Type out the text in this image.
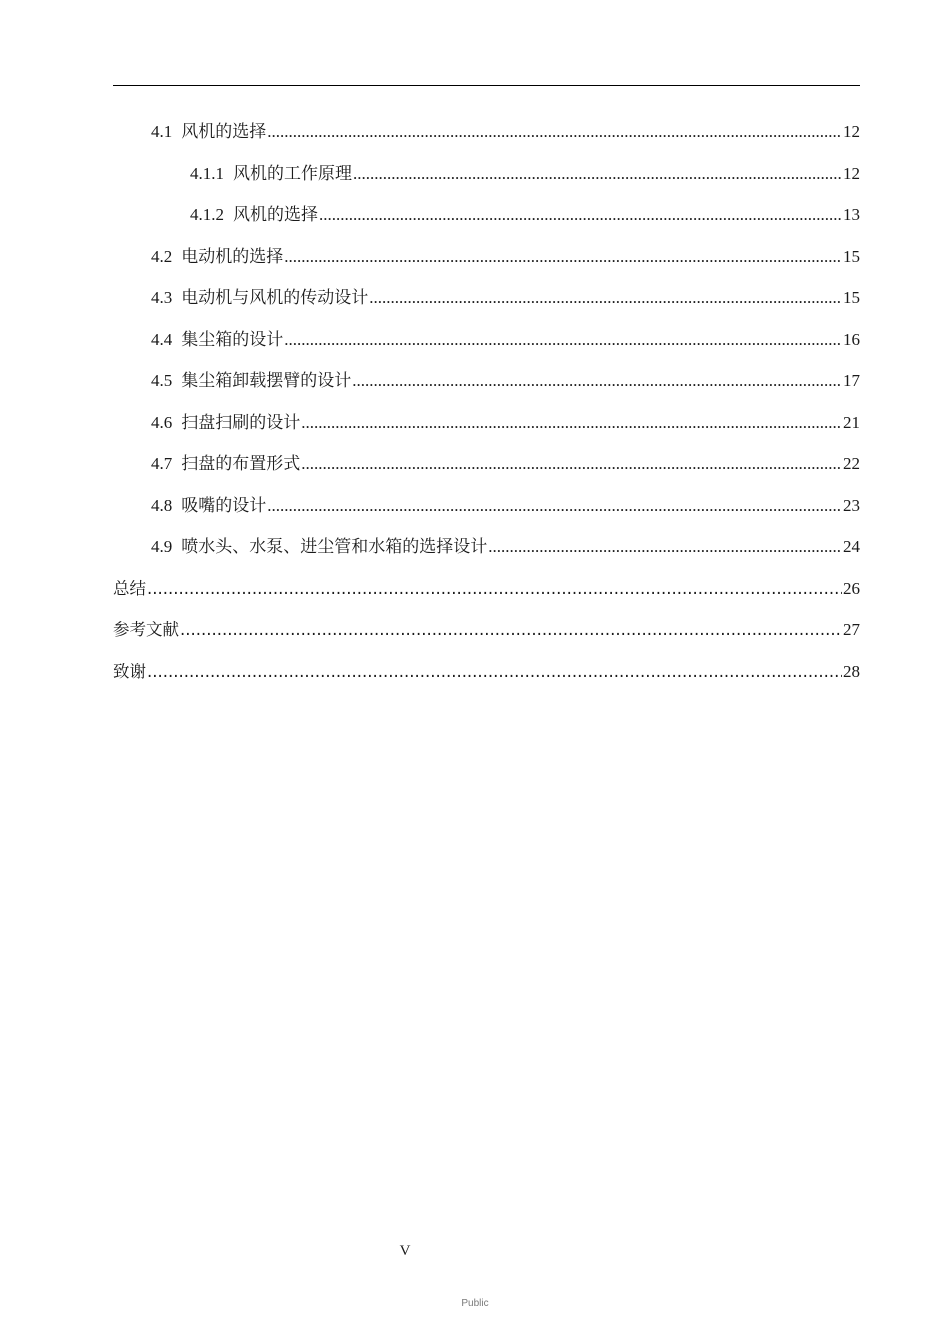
4.1 风机的选择 .....	12
4.1.1 风机的工作原理 .....	12
4.1.2 风机的选择 .....	13
4.2 电动机的选择 .....	15
4.3 电动机与风机的传动设计 .....	15
4.4 集尘箱的设计 .....	16
4.5 集尘箱卸载摆臂的设计 .....	17
4.6 扫盘扫刷的设计 .....	21
4.7 扫盘的布置形式 .....	22
4.8 吸嘴的设计 .....	23
4.9 喷水头、水泵、进尘管和水箱的选择设计 .....	24
总结 .....	26
参考文献 .....	27
致谢 .....	28
V
Public
